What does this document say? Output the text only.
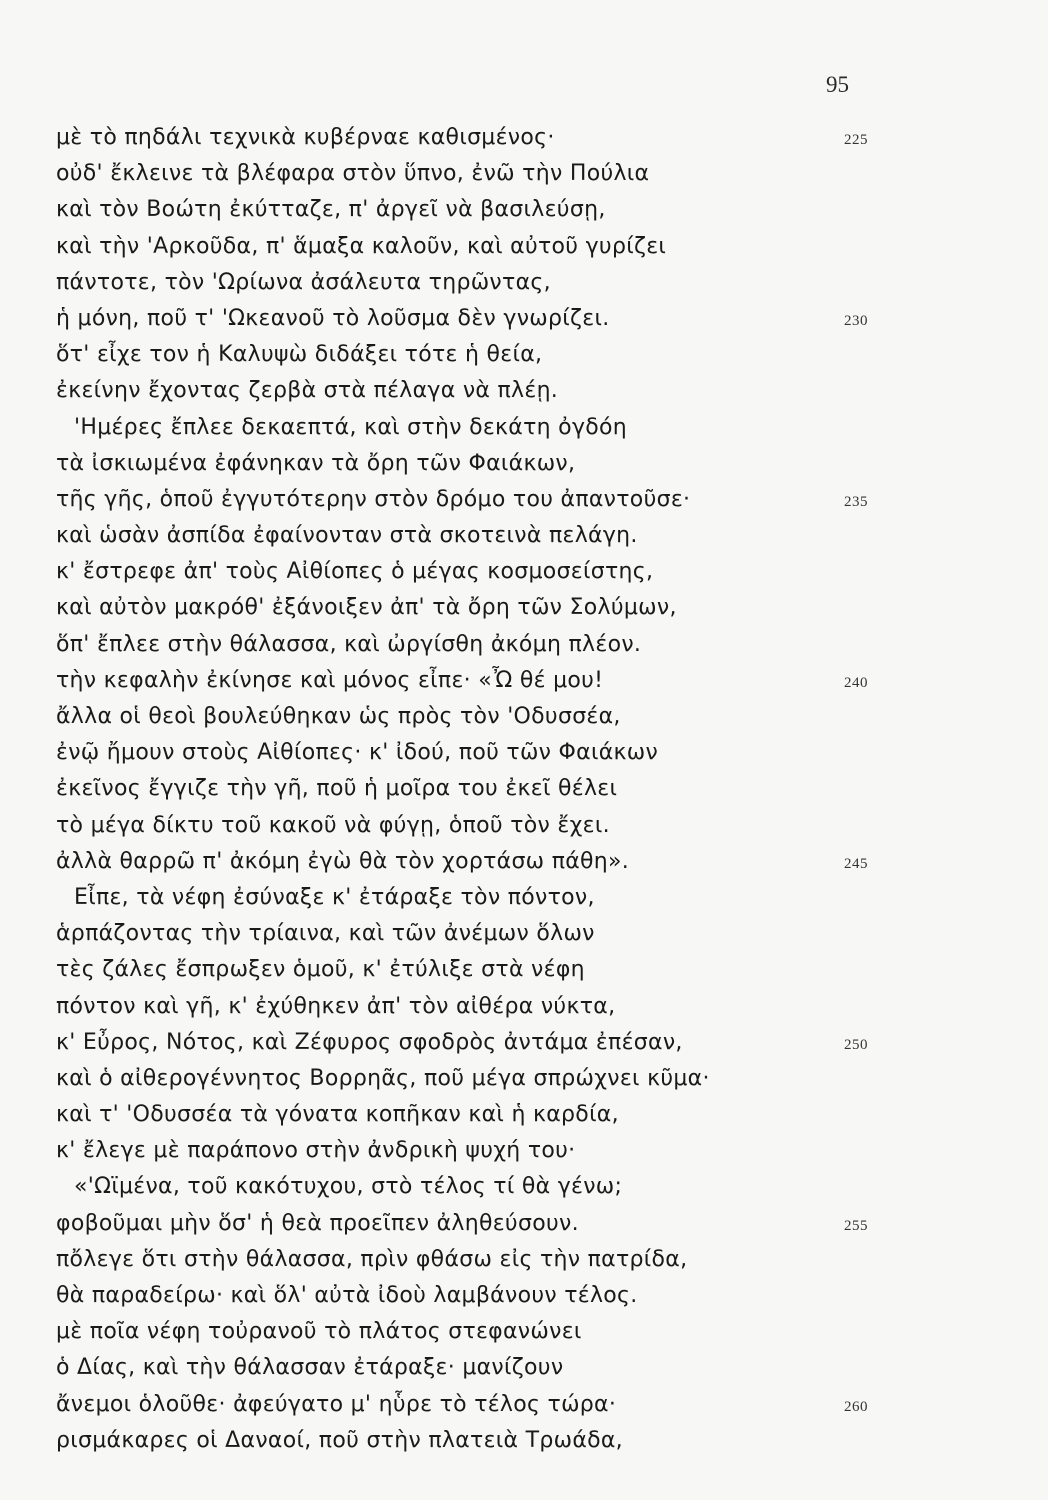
95
μὲ τὸ πηδάλι τεχνικὰ κυβέρναε καθισμένος·	225
οὐδ' ἔκλεινε τὰ βλέφαρα στὸν ὕπνο, ἐνῶ τὴν Πούλια
καὶ τὸν Βοώτη ἐκύτταζε, π' ἀργεῖ νὰ βασιλεύσῃ,
καὶ τὴν 'Αρκοῦδα, π' ἅμαξα καλοῦν, καὶ αὐτοῦ γυρίζει
πάντοτε, τὸν 'Ωρίωνα ἀσάλευτα τηρῶντας,
ἡ μόνη, ποῦ τ' 'Ωκεανοῦ τὸ λοῦσμα δὲν γνωρίζει.	230
ὅτ' εἶχε τον ἡ Καλυψὼ διδάξει τότε ἡ θεία,
ἐκείνην ἔχοντας ζερβὰ στὰ πέλαγα νὰ πλέῃ.
'Ημέρες ἔπλεε δεκαεπτά, καὶ στὴν δεκάτη ὀγδόη
τὰ ἰσκιωμένα ἐφάνηκαν τὰ ὄρη τῶν Φαιάκων,
τῆς γῆς, ὁποῦ ἐγγυτότερην στὸν δρόμο του ἀπαντοῦσε·	235
καὶ ὡσὰν ἀσπίδα ἐφαίνονταν στὰ σκοτεινὰ πελάγη.
κ' ἔστρεφε ἀπ' τοὺς Αἰθίοπες ὁ μέγας κοσμοσείστης,
καὶ αὐτὸν μακρόθ' ἐξάνοιξεν ἀπ' τὰ ὄρη τῶν Σολύμων,
ὅπ' ἔπλεε στὴν θάλασσα, καὶ ὠργίσθη ἀκόμη πλέον.
τὴν κεφαλὴν ἐκίνησε καὶ μόνος εἶπε· «Ὦ θέ μου!	240
ἄλλα οἱ θεοὶ βουλεύθηκαν ὡς πρὸς τὸν 'Οδυσσέα,
ἐνῷ ἤμουν στοὺς Αἰθίοπες· κ' ἰδού, ποῦ τῶν Φαιάκων
ἐκεῖνος ἔγγιζε τὴν γῆ, ποῦ ἡ μοῖρα του ἐκεῖ θέλει
τὸ μέγα δίκτυ τοῦ κακοῦ νὰ φύγῃ, ὁποῦ τὸν ἔχει.
ἀλλὰ θαρρῶ π' ἀκόμη ἐγὼ θὰ τὸν χορτάσω πάθη».	245
Εἶπε, τὰ νέφη ἐσύναξε κ' ἐτάραξε τὸν πόντον,
ἁρπάζοντας τὴν τρίαινα, καὶ τῶν ἀνέμων ὅλων
τὲς ζάλες ἔσπρωξεν ὁμοῦ, κ' ἐτύλιξε στὰ νέφη
πόντον καὶ γῆ, κ' ἐχύθηκεν ἀπ' τὸν αἰθέρα νύκτα,
κ' Εὖρος, Νότος, καὶ Ζέφυρος σφοδρὸς ἀντάμα ἐπέσαν,	250
καὶ ὁ αἰθερογέννητος Βορρηᾶς, ποῦ μέγα σπρώχνει κῦμα·
καὶ τ' 'Οδυσσέα τὰ γόνατα κοπῆκαν καὶ ἡ καρδία,
κ' ἔλεγε μὲ παράπονο στὴν ἀνδρικὴ ψυχή του·
«'Ωϊμένα, τοῦ κακότυχου, στὸ τέλος τί θὰ γένω;
φοβοῦμαι μὴν ὅσ' ἡ θεὰ προεῖπεν ἀληθεύσουν.	255
πὄλεγε ὅτι στὴν θάλασσα, πρὶν φθάσω εἰς τὴν πατρίδα,
θὰ παραδείρω· καὶ ὅλ' αὐτὰ ἰδοὺ λαμβάνουν τέλος.
μὲ ποῖα νέφη τοὐρανοῦ τὸ πλάτος στεφανώνει
ὁ Δίας, καὶ τὴν θάλασσαν ἐτάραξε· μανίζουν
ἄνεμοι ὁλοῦθε· ἀφεύγατο μ' ηὗρε τὸ τέλος τώρα·	260
ρισμάκαρες οἱ Δαναοί, ποῦ στὴν πλατειὰ Τρωάδα,
